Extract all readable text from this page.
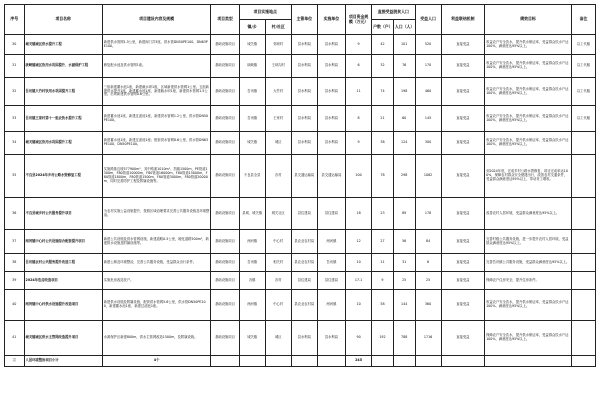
序号	项目名称	项目建设内容及规模	项目类型	项目实施地点		主管单位	实施单位	项目资金规模（万元）	直接受益脱贫人口		受益人口	利益联结机制	绩效目标	备注
				镇/乡	村/社区				户数（户）	人口（人）				
30	城关镇城区供水提升工程	新建供水管网1.5公里，新建阀门井3座，供水管DN50PE100、DN63PE100。	基础设施项目	城关镇	郊坝村	县水利局	县水利局	9	42	101	520	直接受益	收益农户安全饮水，提升供水保证率，受益群众饮水户达100%，满意度达95%以上。	以工代赈
31	硖峡镇城区饮用水巩固提升、水源保护工程	修复配水池及供水管网1座。	基础设施项目	硖峡镇	王坝沟村	县水利局	县水利局	6	32	76	170	直接受益	收益农户安全饮水，提升供水保证率，受益群众饮水户达100%，满意度达95%以上。	以工代赈
32	吾讯镇大竹村饮用水巩固提升工程	三组新建蓄水池1座，新建截水坝1座，区域新建供水管网1公里。五组新建供水提升1座，新建蓄水池1座，新建截水坝1座，新建供水管网1.5公里。后坝新建供水管网0.6公里。	基础设施项目	吾讯镇	大竹村	县水利局	县水利局	11	74	198	460	直接受益	收益农户安全饮水，提升供水保证率，受益群众饮水户达100%，满意度达95%以上。	以工代赈
33	吾讯镇王家村第十一组农饮水提升工程	新建蓄水池1座，新建过滤池1座，新建供水管网1.2公里，供水管DN50PE100。	基础设施项目	吾讯镇	王家村	县水利局	县水利局	8	21	60	145	直接受益	收益农户安全饮水，提升供水保证率，受益群众饮水户达100%，满意度达95%以上。	以工代赈
34	城关镇城区饮用水巩固提升工程	新建蓄水池1座，新建过滤池1座；配套供水管网8.6公里，供水管DN63PE100、DN50PE100。	基础设施项目	城关镇	城区	县水利局	县水利局	9	38	124	300	直接受益	收益农户安全饮水，提升供水保证率，受益群众饮水户达100%，满意度达95%以上。	
35	不良县2024年乡村公路水毁修复工程	实施路基边坡577900m²，其中路面1010m²、挡墙1500m，PE管道1300m，F80管道10000m，F80管道16000m，F80管道15000m，F80管道1800m，F80管道1500m，F80管道3000m，F80管道20000m，同时完善防护工程及附属设施等。	基础设施项目	不良县全县	各村	县交通运输局	县交通运输局	100	78	298	1082	直接受益	到2024年底，完成乡村公路水毁修复，项目完成率达100%，保障农村群众安全便捷出行，改善农村交通条件，受益群众满意度达95%以上，带动务工增收。	
36	不良县城乡村公共服务提升项目	为农村实施公益设施提升，按照区域治理要求完善公共服务设施及环境整治。	基础设施项目	县城、城关镇	城关社区	县住建局	县住建局	18	23	89	178	直接受益	改善农村人居环境，受益群众满意度达95%以上。	
37	两河镇中心村公共设施综合配套提升项目	新建公共设施及供水管网设施，新建道路0.5公里，硬化道路500m²，新建排水设施及附属设施等。	基础设施项目	两河镇	中心村	县农业农村局	两河镇	12	27	56	84	直接受益	完善村级公共服务设施，进一步提升农村人居环境，受益群众满意度达95%以上。	
38	吾讯镇农村公共服务提升改造工程	新建公厕及环境整治，完善公共服务设施，受益群众出行条件。	基础设施项目	吾讯镇	相关村	县农业农村局	吾讯镇	10	11	31	6	直接受益	完善吾讯镇公共服务设施，受益群众满意度达95%以上。	
39	2024年危房改造项目	实施危房改造扶户。	基础设施项目	各镇	各村	县住建局	县住建局	17.1	9	25	25	直接受益	保障农户住房安全，提升住房条件。	
40	两河镇中心村供水设施提升改造项目	新建供水设施及附属设施，配套供水管网5.6公里，供水管DN50PE100，新建蓄水池1座，新建过滤池1座。	基础设施项目	两河镇	中心村	县农业农村局	两河镇	10	58	144	360	直接受益	收益农户安全饮水，提升供水保证率，受益群众饮水户达100%，满意度达95%以上。	
41	城关镇城区供水主管网改造提升项目	水源保护区新建800m，供水主管网改造1500m，及附属设施。	基础设施项目	城关镇	城区	县水利局	县水利局	90	192	788	1716	直接受益	保障农户安全饮水，提升供水保证率，受益群众饮水户达100%，满意度达95%以上。	
三	人居环境整治项目小计	4个						245						
